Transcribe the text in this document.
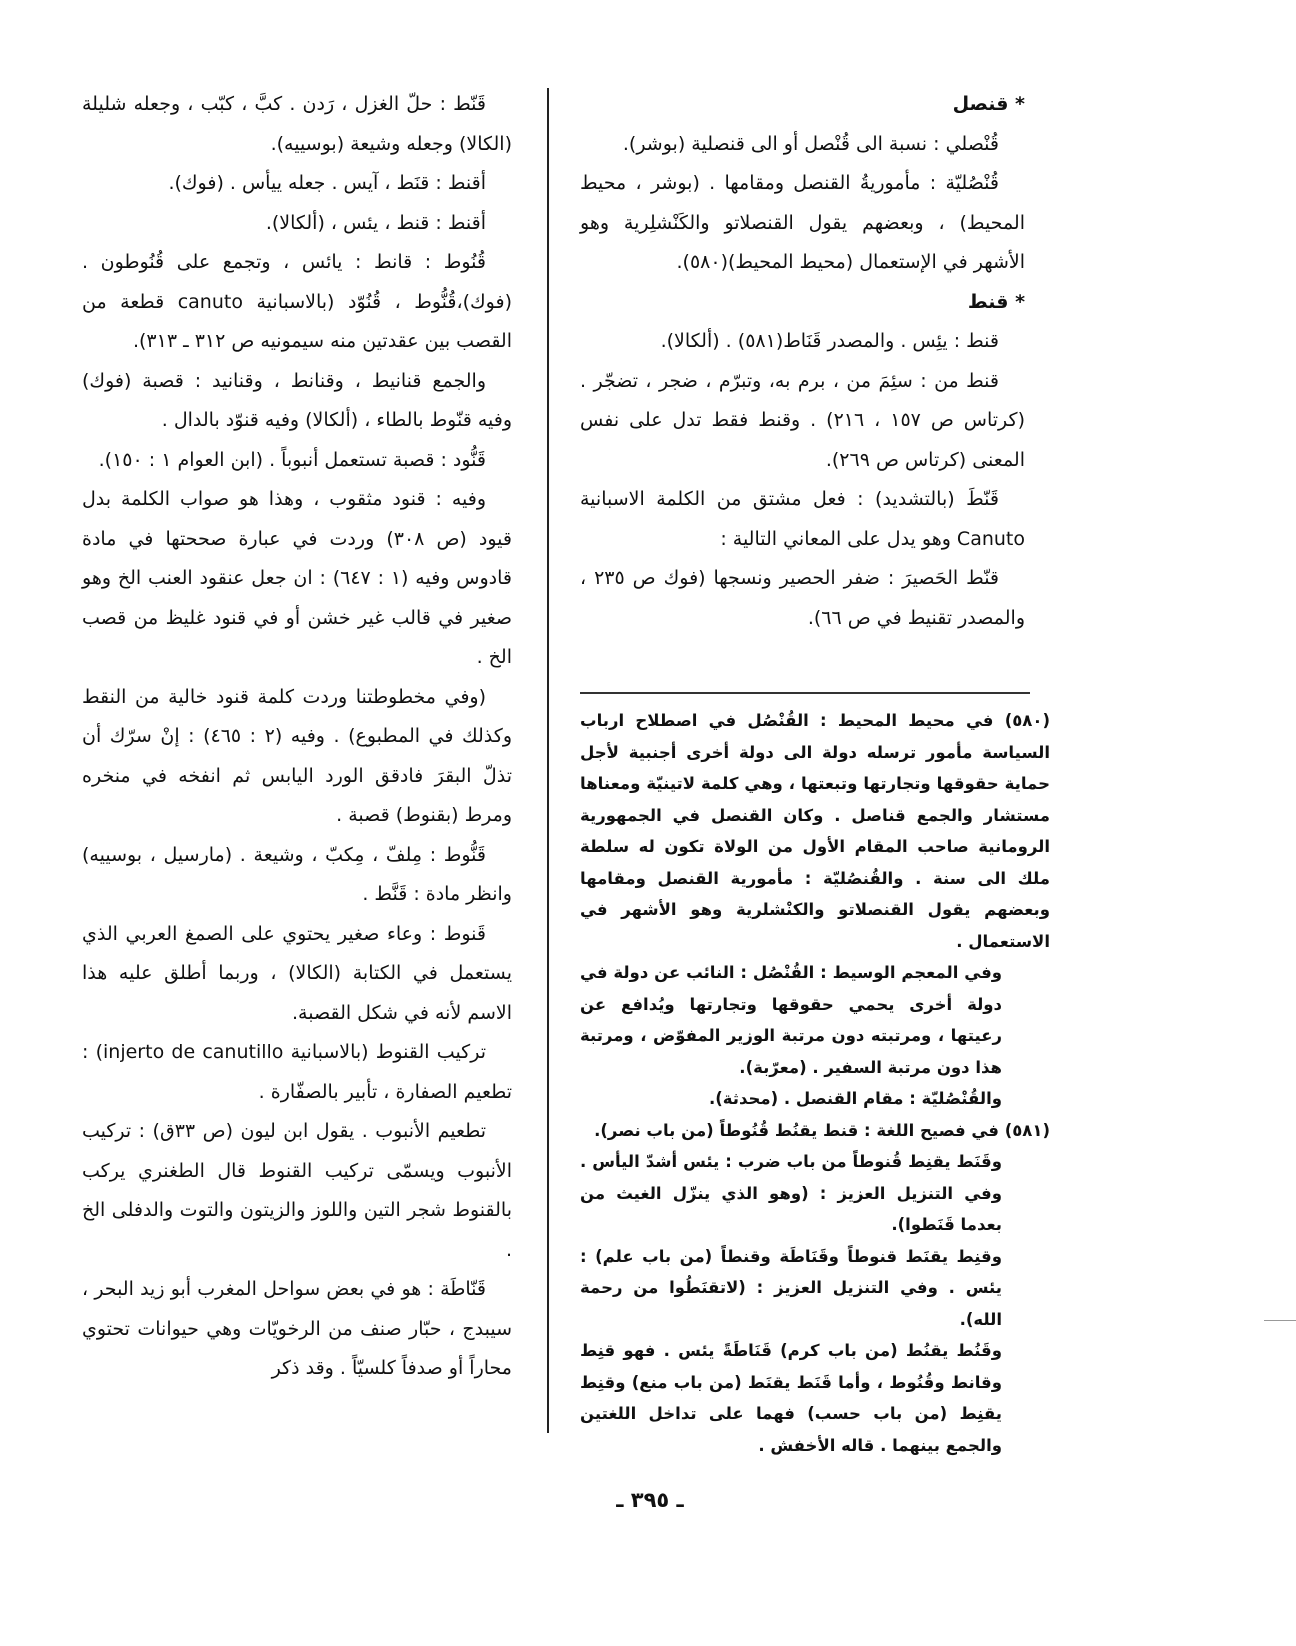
* قنصل

قُنْصلي : نسبة الى قُنْصل أو الى قنصلية (بوشر).

قُنْصُليّة : مأموريةُ القنصل ومقامها . (بوشر ، محيط المحيط) ، وبعضهم يقول القنصلاتو والكَنْشلِرية وهو الأشهر في الإستعمال (محيط المحيط)(٥٨٠).

* قنط

قنط : يئِس . والمصدر قَنَاط(٥٨١) . (ألكالا).

قنط من : سئِمَ من ، برم به، وتبرّم ، ضجر ، تضجّر . (كرتاس ص ١٥٧ ، ٢١٦) . وقنط فقط تدل على نفس المعنى (كرتاس ص ٢٦٩).

قَنّطَ (بالتشديد) : فعل مشتق من الكلمة الاسبانية Canuto وهو يدل على المعاني التالية :

قنّط الحَصيرَ : ضفر الحصير ونسجها (فوك ص ٢٣٥ ، والمصدر تقنيط في ص ٦٦).

(٥٨٠) في محيط المحيط : القُنْصُل في اصطلاح ارباب السياسة مأمور ترسله دولة الى دولة أخرى أجنبية لأجل حماية حقوقها وتجارتها وتبعتها ، وهي كلمة لاتينيّة ومعناها مستشار والجمع قناصل . وكان القنصل في الجمهورية الرومانية صاحب المقام الأول من الولاة تكون له سلطة ملك الى سنة . والقُنصُليّة : مأمورية القنصل ومقامها وبعضهم يقول القنصلاتو والكنْشلرية وهو الأشهر في الاستعمال .

وفي المعجم الوسيط : القُنْصُل : النائب عن دولة في دولة أخرى يحمي حقوقها وتجارتها ويُدافع عن رعيتها ، ومرتبته دون مرتبة الوزير المفوّض ، ومرتبة هذا دون مرتبة السفير . (معرّبة).

والقُنْصُليّة : مقام القنصل . (محدثة).

(٥٨١) في فصيح اللغة : قنط يقنُط قُنُوطاً (من باب نصر).

وقَنَط يقنِط قُنوطاً من باب ضرب : يئس أشدّ اليأس . وفي التنزيل العزيز : (وهو الذي ينزّل الغيث من بعدما قَنَطوا).

وقنِط يقنَط قنوطاً وقَنَاطَة وقنطاً (من باب علم) : يئس . وفي التنزيل العزيز : (لاتقنَطُوا من رحمة الله).

وقَنُط يقنُط (من باب كرم) قَنَاطَةً يئس . فهو قنِط وقانط وقُنُوط ، وأما قَنَط يقنَط (من باب منع) وقنِط يقنِط (من باب حسب) فهما على تداخل اللغتين والجمع بينهما . قاله الأخفش .

قَنّط : حلّ الغزل ، رَدن . كبَّ ، كبّب ، وجعله شليلة (الكالا) وجعله وشيعة (بوسييه).

أقنط : قنَط ، آيس . جعله ييأس . (فوك).

أقنط : قنط ، يئس ، (ألكالا).

قُنُوط : قانط : يائس ، وتجمع على قُنُوطون . (فوك)،قُنُّوط ، قُنُوّد (بالاسبانية canuto قطعة من القصب بين عقدتين منه سيمونيه ص ٣١٢ ـ ٣١٣).

والجمع قنانيط ، وقنانط ، وقنانيد : قصبة (فوك) وفيه قنّوط بالطاء ، (ألكالا) وفيه قنوّد بالدال .

قَنُّود : قصبة تستعمل أنبوباً . (ابن العوام ١ : ١٥٠).

وفيه : قنود مثقوب ، وهذا هو صواب الكلمة بدل قيود (ص ٣٠٨) وردت في عبارة صححتها في مادة قادوس وفيه (١ : ٦٤٧) : ان جعل عنقود العنب الخ وهو صغير في قالب غير خشن أو في قنود غليظ من قصب الخ .

(وفي مخطوطتنا وردت كلمة قنود خالية من النقط وكذلك في المطبوع) . وفيه (٢ : ٤٦٥) : إنْ سرّك أن تذلّ البقرَ فادقق الورد اليابس ثم انفخه في منخره ومرط (بقنوط) قصبة .

قَنُّوط : مِلفّ ، مِكبّ ، وشيعة . (مارسيل ، بوسييه) وانظر مادة : قَنَّط .

قَنوط : وعاء صغير يحتوي على الصمغ العربي الذي يستعمل في الكتابة (الكالا) ، وربما أطلق عليه هذا الاسم لأنه في شكل القصبة.

تركيب القنوط (بالاسبانية injerto de canutillo) : تطعيم الصفارة ، تأبير بالصفّارة .

تطعيم الأنبوب . يقول ابن ليون (ص ٣٣ق) : تركيب الأنبوب ويسمّى تركيب القنوط قال الطغنري يركب بالقنوط شجر التين واللوز والزيتون والتوت والدفلى الخ .

قَنّاطَة : هو في بعض سواحل المغرب أبو زيد البحر ، سيبدج ، حبّار صنف من الرخويّات وهي حيوانات تحتوي محاراً أو صدفاً كلسيّاً . وقد ذكر

ـ ٣٩٥ ـ
